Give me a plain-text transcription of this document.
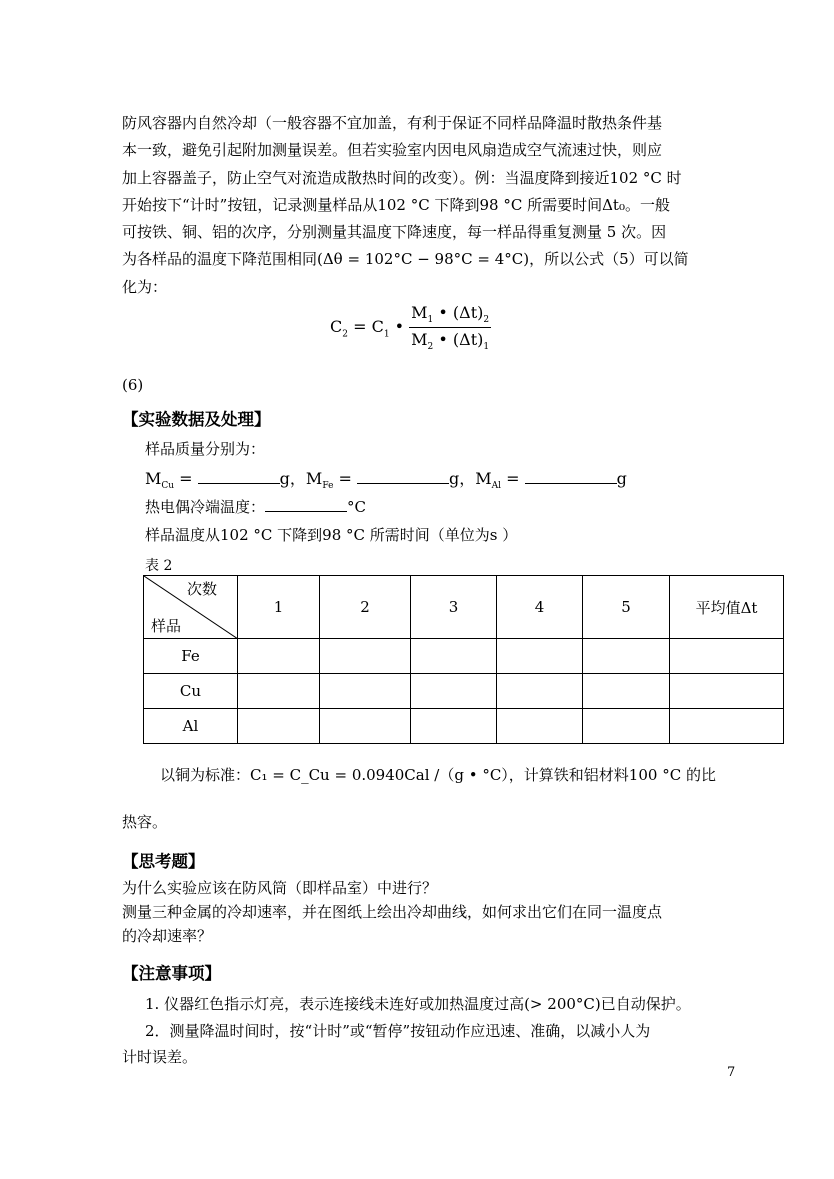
防风容器内自然冷却（一般容器不宜加盖，有利于保证不同样品降温时散热条件基
本一致，避免引起附加测量误差。但若实验室内因电风扇造成空气流速过快，则应
加上容器盖子，防止空气对流造成散热时间的改变）。例：当温度降到接近102 °C 时
开始按下“计时”按钮，记录测量样品从102 °C 下降到98 °C 所需要时间Δt₀。一般
可按铁、铜、铝的次序，分别测量其温度下降速度，每一样品得重复测量 5 次。因
为各样品的温度下降范围相同(Δθ = 102°C − 98°C = 4°C)，所以公式（5）可以简
化为：
$C_2 = C_1$ • $\frac{M_1 • (\Delta t)_2}{M_2 • (\Delta t)_1}$
(6)
【实验数据及处理】
样品质量分别为：
$M_{Cu}$ =	g，$M_{Fe}$ =	g，$M_{Al}$ =	g
热电偶冷端温度：	°C
样品温度从102 °C 下降到98 °C 所需时间（单位为s ）
表 2
次数
样品	1	2	3	4	5	平均值Δt
Fe						
Cu						
Al						
以铜为标准：C₁ = C_Cu = 0.0940Cal /（g • °C），计算铁和铝材料100 °C 的比
热容。
【思考题】
为什么实验应该在防风筒（即样品室）中进行？
测量三种金属的冷却速率，并在图纸上绘出冷却曲线，如何求出它们在同一温度点
的冷却速率？
【注意事项】
1. 仪器红色指示灯亮，表示连接线未连好或加热温度过高(> 200°C)已自动保护。
2．测量降温时间时，按“计时”或“暂停”按钮动作应迅速、准确，以减小人为
计时误差。
7
